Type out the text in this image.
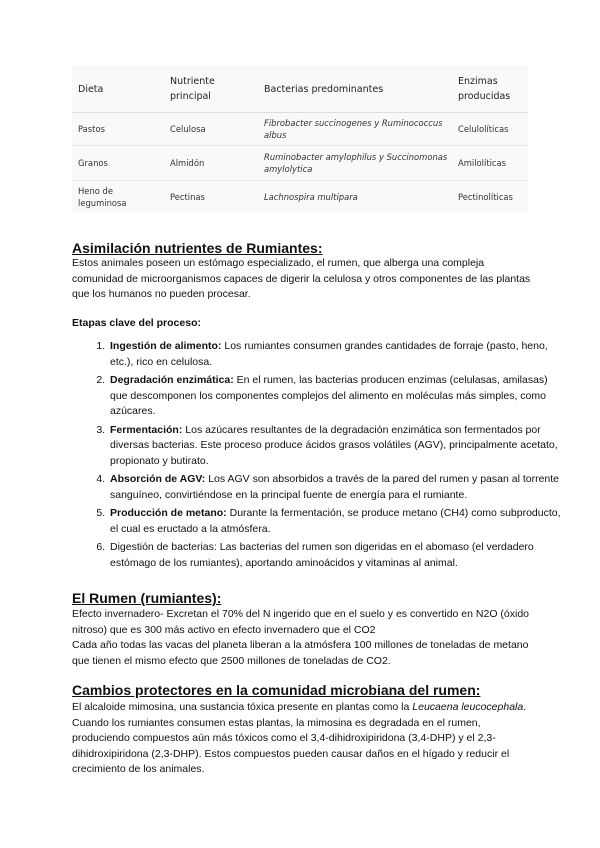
Dieta	Nutriente principal	Bacterias predominantes	Enzimas producidas
Pastos	Celulosa	Fibrobacter succinogenes y Ruminococcus albus	Celulolíticas
Granos	Almidón	Ruminobacter amylophilus y Succinomonas amylolytica	Amilolíticas
Heno de leguminosa	Pectinas	Lachnospira multipara	Pectinolíticas
Asimilación nutrientes de Rumiantes:

Estos animales poseen un estómago especializado, el rumen, que alberga una compleja comunidad de microorganismos capaces de digerir la celulosa y otros componentes de las plantas que los humanos no pueden procesar.

Etapas clave del proceso:

1. Ingestión de alimento: Los rumiantes consumen grandes cantidades de forraje (pasto, heno, etc.), rico en celulosa.
2. Degradación enzimática: En el rumen, las bacterias producen enzimas (celulasas, amilasas) que descomponen los componentes complejos del alimento en moléculas más simples, como azúcares.
3. Fermentación: Los azúcares resultantes de la degradación enzimática son fermentados por diversas bacterias. Este proceso produce ácidos grasos volátiles (AGV), principalmente acetato, propionato y butirato.
4. Absorción de AGV: Los AGV son absorbidos a través de la pared del rumen y pasan al torrente sanguíneo, convirtiéndose en la principal fuente de energía para el rumiante.
5. Producción de metano: Durante la fermentación, se produce metano (CH4) como subproducto, el cual es eructado a la atmósfera.
6. Digestión de bacterias: Las bacterias del rumen son digeridas en el abomaso (el verdadero estómago de los rumiantes), aportando aminoácidos y vitaminas al animal.
El Rumen (rumiantes):

Efecto invernadero- Excretan el 70% del N ingerido que en el suelo y es convertido en N2O (óxido nitroso) que es 300 más activo en efecto invernadero que el CO2

Cada año todas las vacas del planeta liberan a la atmósfera 100 millones de toneladas de metano que tienen el mismo efecto que 2500 millones de toneladas de CO2.

Cambios protectores en la comunidad microbiana del rumen:

El alcaloide mimosina, una sustancia tóxica presente en plantas como la Leucaena leucocephala. Cuando los rumiantes consumen estas plantas, la mimosina es degradada en el rumen, produciendo compuestos aún más tóxicos como el 3,4-dihidroxipiridona (3,4-DHP) y el 2,3-dihidroxipiridona (2,3-DHP). Estos compuestos pueden causar daños en el hígado y reducir el crecimiento de los animales.
